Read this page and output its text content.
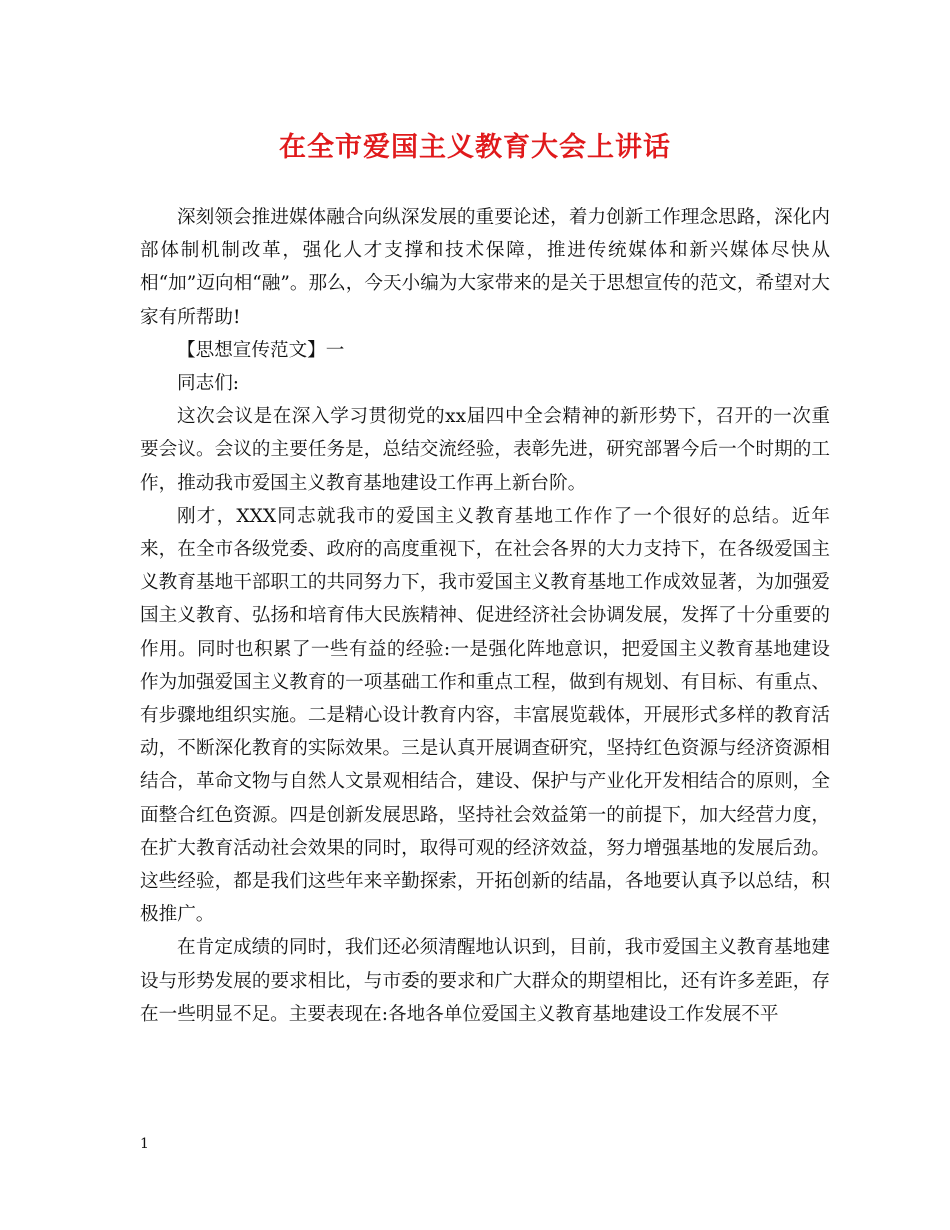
在全市爱国主义教育大会上讲话

深刻领会推进媒体融合向纵深发展的重要论述，着力创新工作理念思路，深化内部体制机制改革，强化人才支撑和技术保障，推进传统媒体和新兴媒体尽快从相“加”迈向相“融”。那么，今天小编为大家带来的是关于思想宣传的范文，希望对大家有所帮助!

【思想宣传范文】一

同志们:

这次会议是在深入学习贯彻党的xx届四中全会精神的新形势下，召开的一次重要会议。会议的主要任务是，总结交流经验，表彰先进，研究部署今后一个时期的工作，推动我市爱国主义教育基地建设工作再上新台阶。

刚才，XXX同志就我市的爱国主义教育基地工作作了一个很好的总结。近年来，在全市各级党委、政府的高度重视下，在社会各界的大力支持下，在各级爱国主义教育基地干部职工的共同努力下，我市爱国主义教育基地工作成效显著，为加强爱国主义教育、弘扬和培育伟大民族精神、促进经济社会协调发展，发挥了十分重要的作用。同时也积累了一些有益的经验:一是强化阵地意识，把爱国主义教育基地建设作为加强爱国主义教育的一项基础工作和重点工程，做到有规划、有目标、有重点、有步骤地组织实施。二是精心设计教育内容，丰富展览载体，开展形式多样的教育活动，不断深化教育的实际效果。三是认真开展调查研究，坚持红色资源与经济资源相结合，革命文物与自然人文景观相结合，建设、保护与产业化开发相结合的原则，全面整合红色资源。四是创新发展思路，坚持社会效益第一的前提下，加大经营力度，在扩大教育活动社会效果的同时，取得可观的经济效益，努力增强基地的发展后劲。这些经验，都是我们这些年来辛勤探索，开拓创新的结晶，各地要认真予以总结，积极推广。

在肯定成绩的同时，我们还必须清醒地认识到，目前，我市爱国主义教育基地建设与形势发展的要求相比，与市委的要求和广大群众的期望相比，还有许多差距，存在一些明显不足。主要表现在:各地各单位爱国主义教育基地建设工作发展不平

1
